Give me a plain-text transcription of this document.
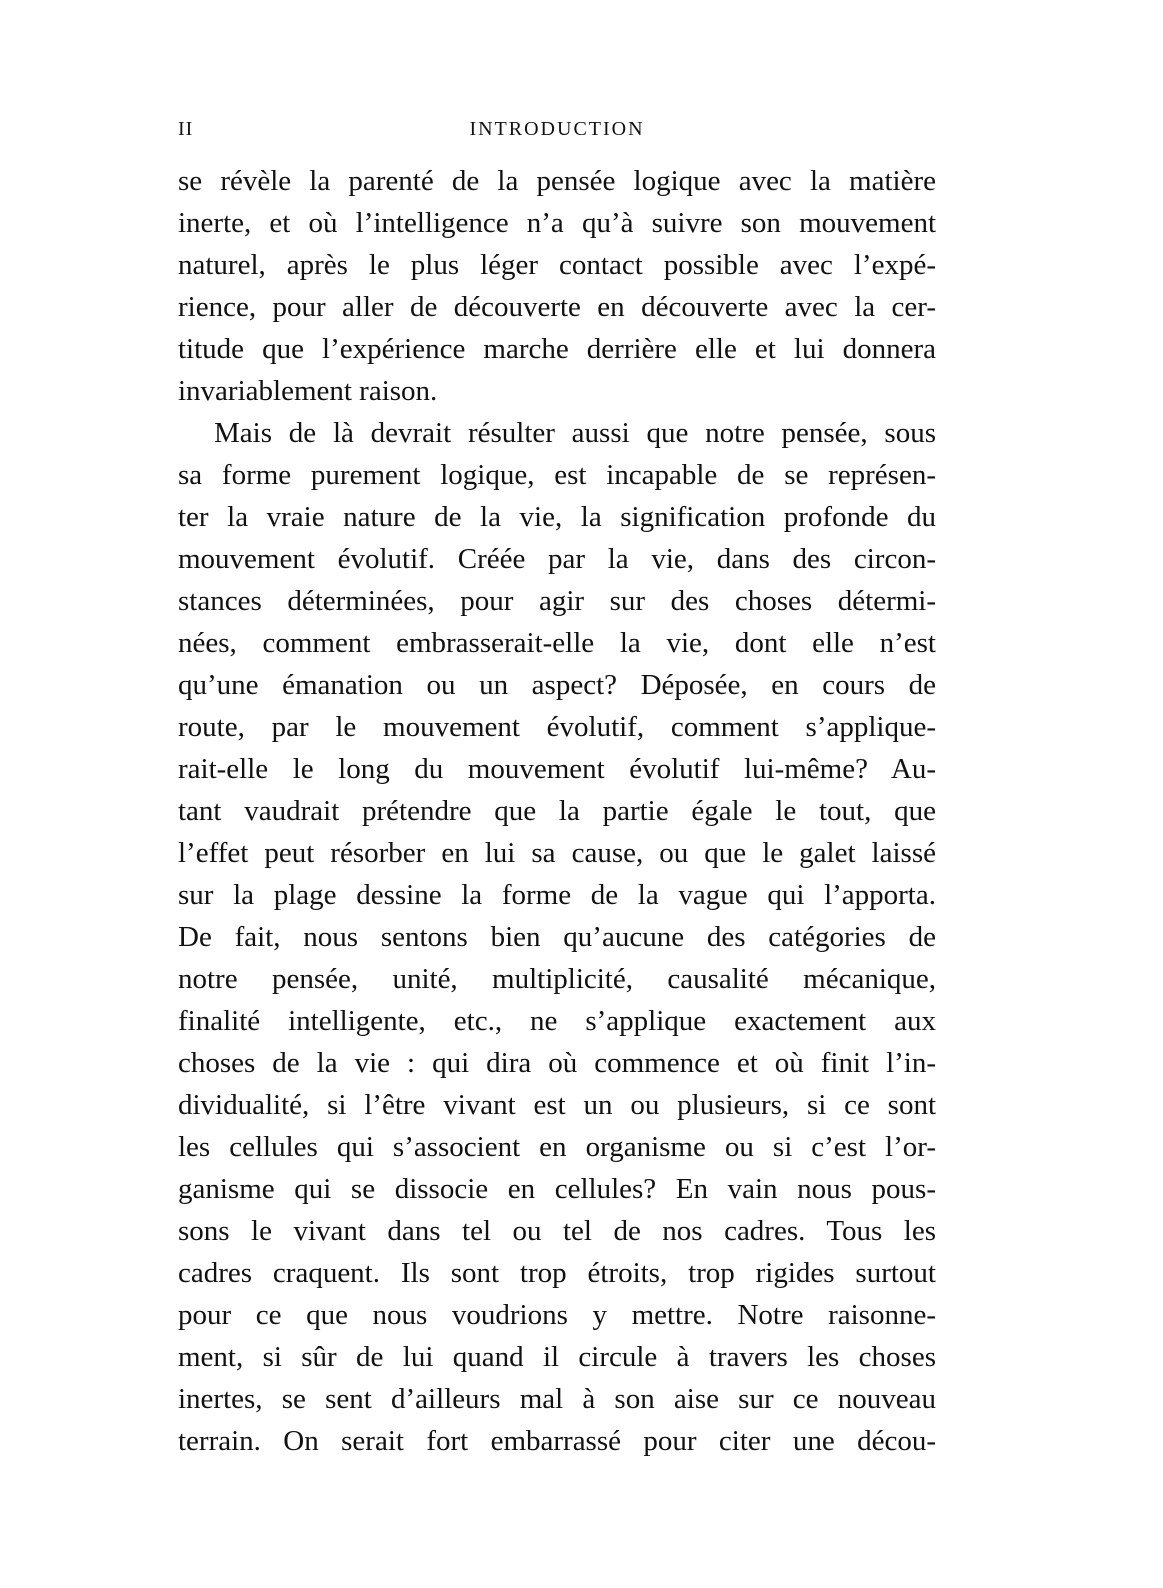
II	INTRODUCTION
se révèle la parenté de la pensée logique avec la matière
inerte, et où l’intelligence n’a qu’à suivre son mouvement
naturel, après le plus léger contact possible avec l’expé-
rience, pour aller de découverte en découverte avec la cer-
titude que l’expérience marche derrière elle et lui donnera
invariablement raison.
Mais de là devrait résulter aussi que notre pensée, sous
sa forme purement logique, est incapable de se représen-
ter la vraie nature de la vie, la signification profonde du
mouvement évolutif. Créée par la vie, dans des circon-
stances déterminées, pour agir sur des choses détermi-
nées, comment embrasserait-elle la vie, dont elle n’est
qu’une émanation ou un aspect? Déposée, en cours de
route, par le mouvement évolutif, comment s’applique-
rait-elle le long du mouvement évolutif lui-même? Au-
tant vaudrait prétendre que la partie égale le tout, que
l’effet peut résorber en lui sa cause, ou que le galet laissé
sur la plage dessine la forme de la vague qui l’apporta.
De fait, nous sentons bien qu’aucune des catégories de
notre pensée, unité, multiplicité, causalité mécanique,
finalité intelligente, etc., ne s’applique exactement aux
choses de la vie : qui dira où commence et où finit l’in-
dividualité, si l’être vivant est un ou plusieurs, si ce sont
les cellules qui s’associent en organisme ou si c’est l’or-
ganisme qui se dissocie en cellules? En vain nous pous-
sons le vivant dans tel ou tel de nos cadres. Tous les
cadres craquent. Ils sont trop étroits, trop rigides surtout
pour ce que nous voudrions y mettre. Notre raisonne-
ment, si sûr de lui quand il circule à travers les choses
inertes, se sent d’ailleurs mal à son aise sur ce nouveau
terrain. On serait fort embarrassé pour citer une décou-
